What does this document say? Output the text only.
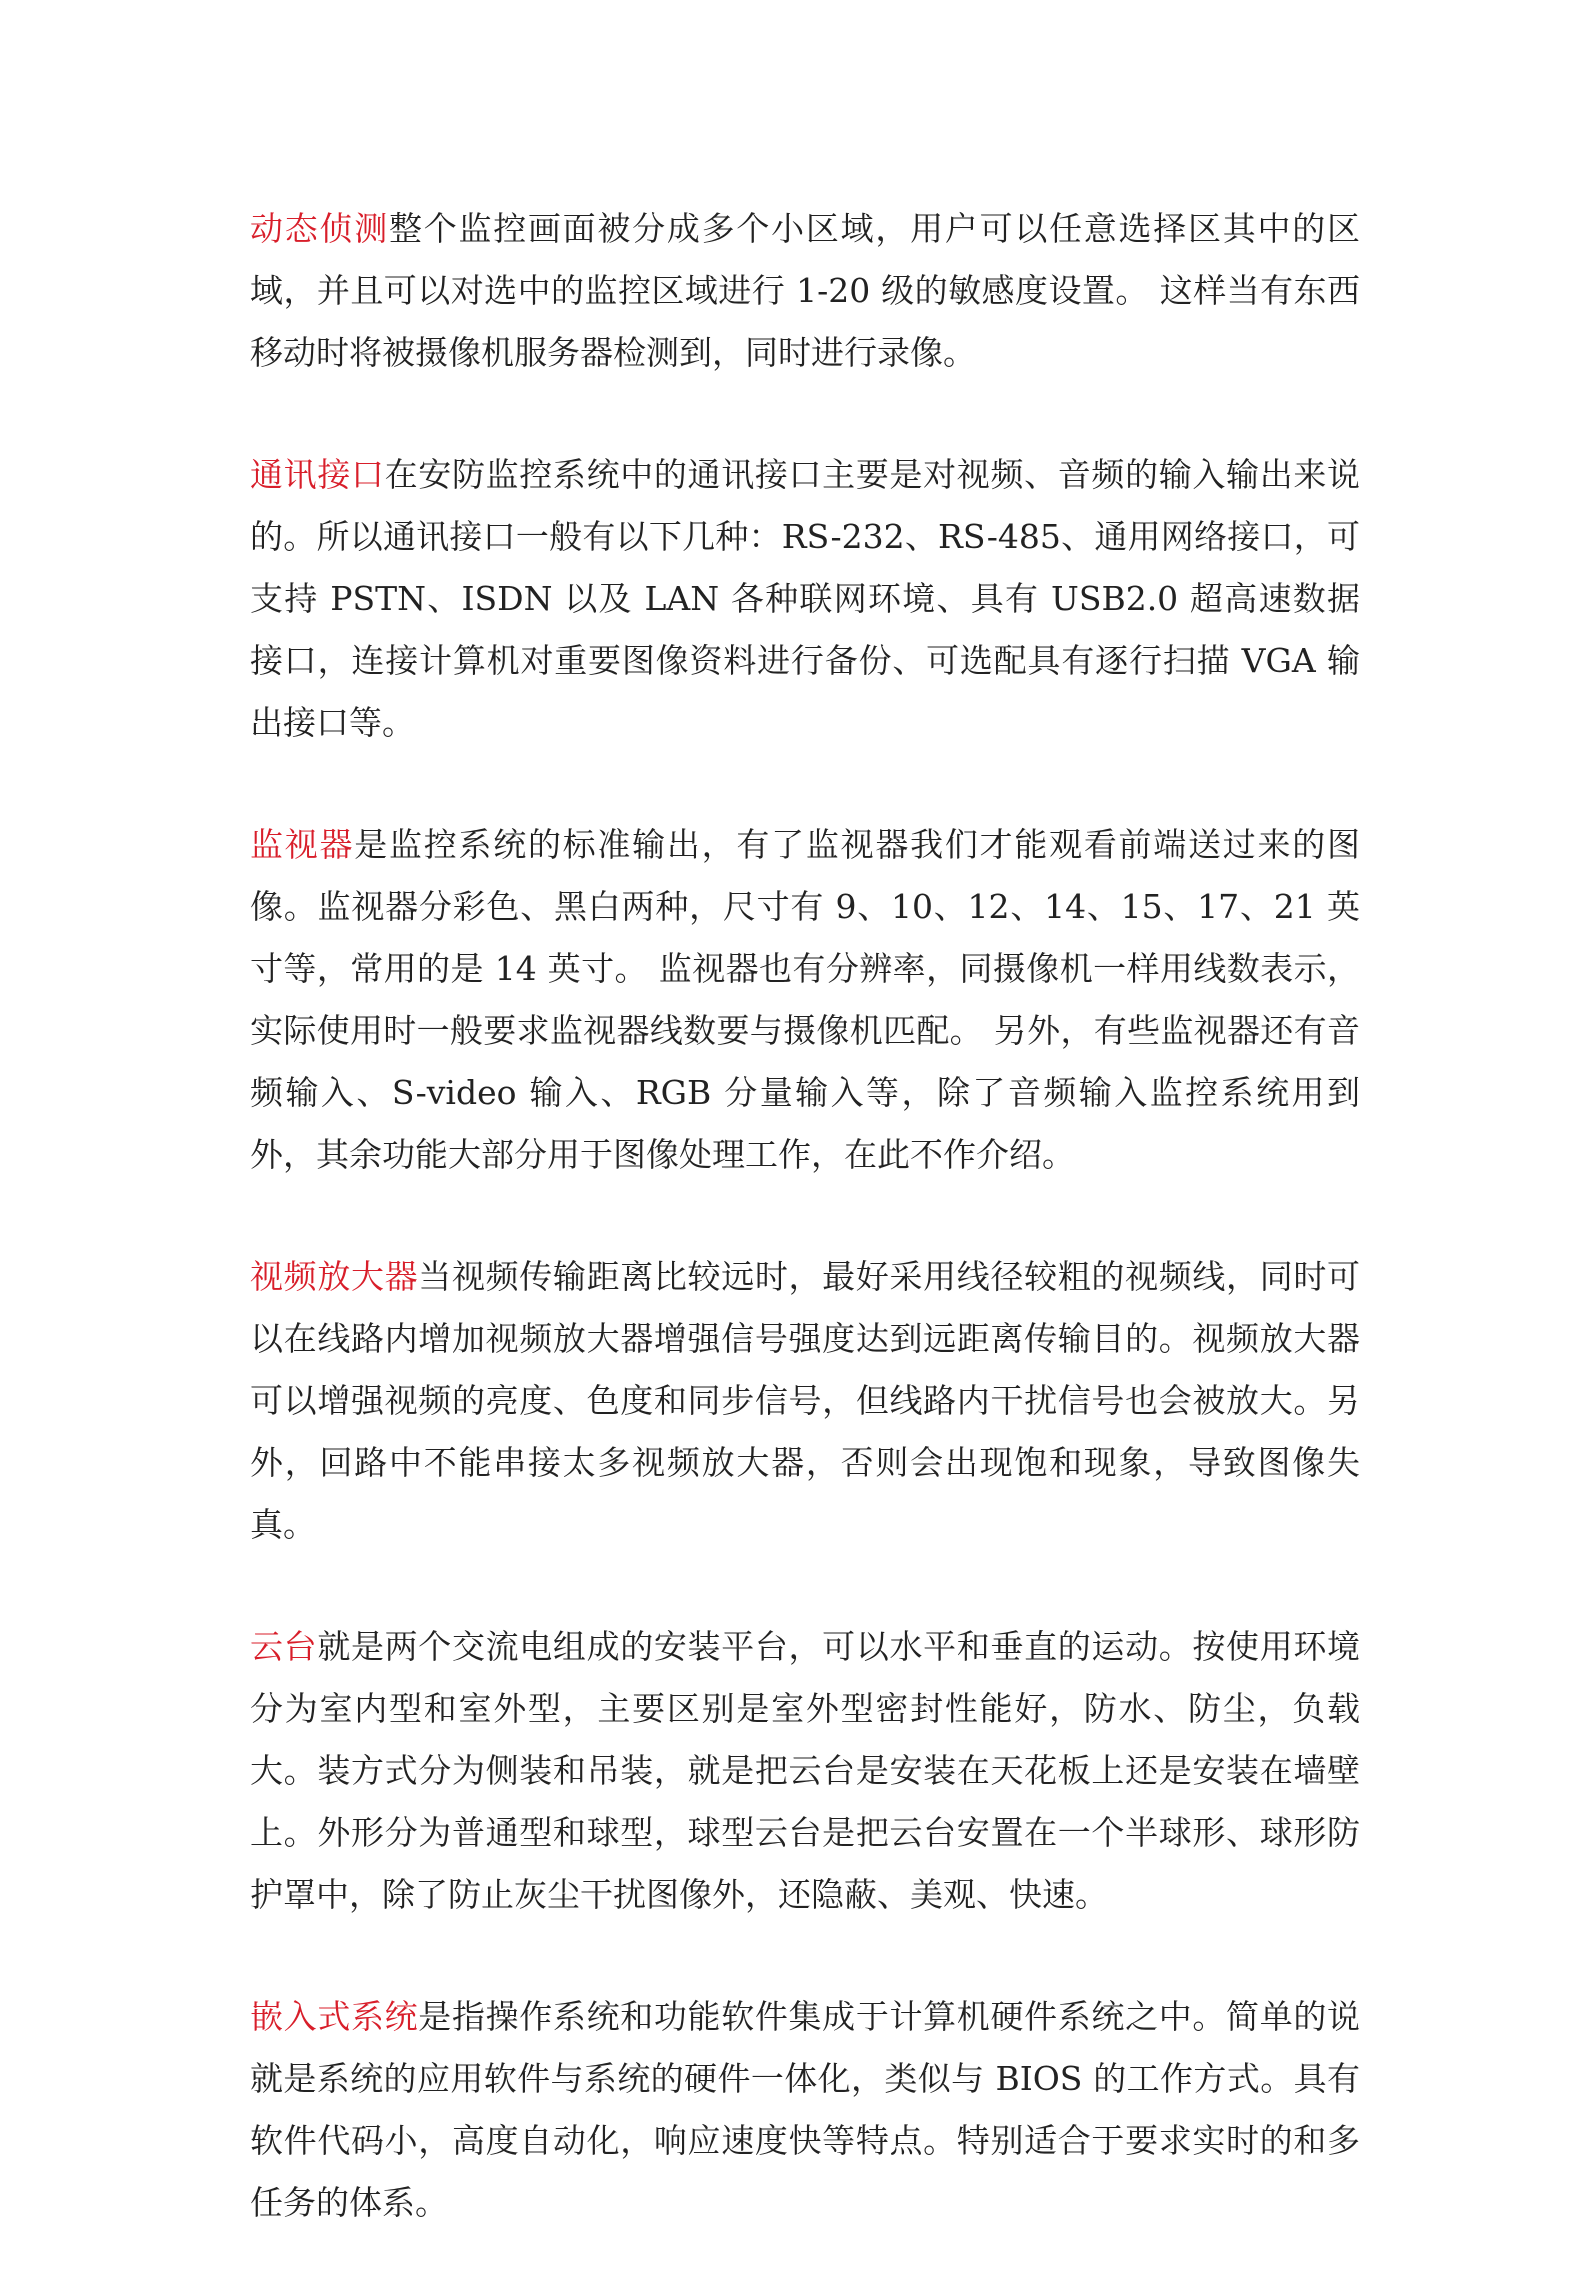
动态侦测整个监控画面被分成多个小区域，用户可以任意选择区其中的区域，并且可以对选中的监控区域进行 1-20 级的敏感度设置。 这样当有东西移动时将被摄像机服务器检测到，同时进行录像。

通讯接口在安防监控系统中的通讯接口主要是对视频、音频的输入输出来说的。所以通讯接口一般有以下几种：RS-232、RS-485、通用网络接口，可支持 PSTN、ISDN 以及 LAN 各种联网环境、具有 USB2.0 超高速数据接口，连接计算机对重要图像资料进行备份、可选配具有逐行扫描 VGA 输出接口等。

监视器是监控系统的标准输出，有了监视器我们才能观看前端送过来的图像。监视器分彩色、黑白两种，尺寸有 9、10、12、14、15、17、21 英寸等，常用的是 14 英寸。 监视器也有分辨率，同摄像机一样用线数表示，实际使用时一般要求监视器线数要与摄像机匹配。 另外，有些监视器还有音频输入、S-video 输入、RGB 分量输入等，除了音频输入监控系统用到外，其余功能大部分用于图像处理工作，在此不作介绍。

视频放大器当视频传输距离比较远时，最好采用线径较粗的视频线，同时可以在线路内增加视频放大器增强信号强度达到远距离传输目的。视频放大器可以增强视频的亮度、色度和同步信号，但线路内干扰信号也会被放大。另外，回路中不能串接太多视频放大器，否则会出现饱和现象，导致图像失真。

云台就是两个交流电组成的安装平台，可以水平和垂直的运动。按使用环境分为室内型和室外型，主要区别是室外型密封性能好，防水、防尘，负载大。装方式分为侧装和吊装，就是把云台是安装在天花板上还是安装在墙壁上。外形分为普通型和球型，球型云台是把云台安置在一个半球形、球形防护罩中，除了防止灰尘干扰图像外，还隐蔽、美观、快速。

嵌入式系统是指操作系统和功能软件集成于计算机硬件系统之中。简单的说就是系统的应用软件与系统的硬件一体化，类似与 BIOS 的工作方式。具有软件代码小，高度自动化，响应速度快等特点。特别适合于要求实时的和多任务的体系。
